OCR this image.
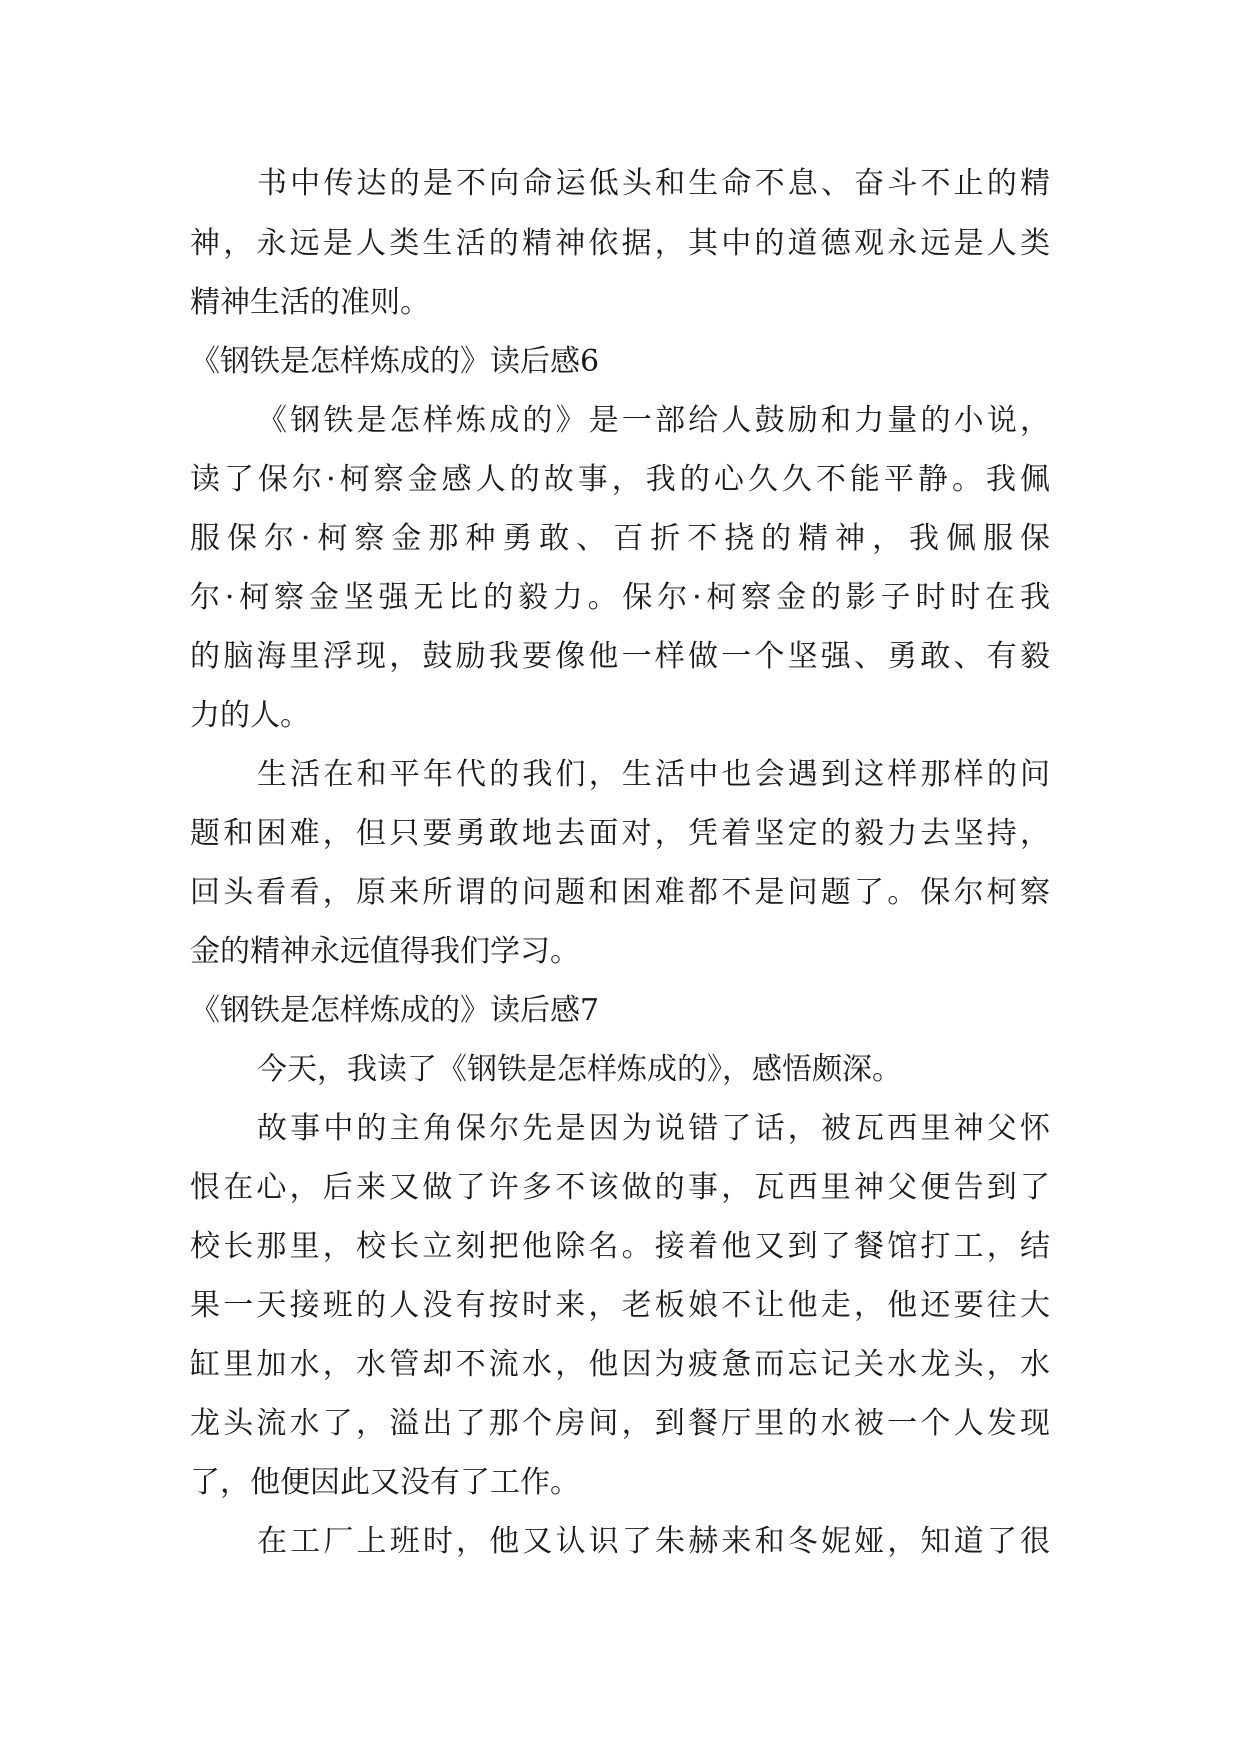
书中传达的是不向命运低头和生命不息、奋斗不止的精
神，永远是人类生活的精神依据，其中的道德观永远是人类
精神生活的准则。
《钢铁是怎样炼成的》读后感6
《钢铁是怎样炼成的》是一部给人鼓励和力量的小说，
读了保尔·柯察金感人的故事，我的心久久不能平静。我佩
服保尔·柯察金那种勇敢、百折不挠的精神，我佩服保
尔·柯察金坚强无比的毅力。保尔·柯察金的影子时时在我
的脑海里浮现，鼓励我要像他一样做一个坚强、勇敢、有毅
力的人。
生活在和平年代的我们，生活中也会遇到这样那样的问
题和困难，但只要勇敢地去面对，凭着坚定的毅力去坚持，
回头看看，原来所谓的问题和困难都不是问题了。保尔柯察
金的精神永远值得我们学习。
《钢铁是怎样炼成的》读后感7
今天，我读了《钢铁是怎样炼成的》，感悟颇深。
故事中的主角保尔先是因为说错了话，被瓦西里神父怀
恨在心，后来又做了许多不该做的事，瓦西里神父便告到了
校长那里，校长立刻把他除名。接着他又到了餐馆打工，结
果一天接班的人没有按时来，老板娘不让他走，他还要往大
缸里加水，水管却不流水，他因为疲惫而忘记关水龙头，水
龙头流水了，溢出了那个房间，到餐厅里的水被一个人发现
了，他便因此又没有了工作。
在工厂上班时，他又认识了朱赫来和冬妮娅，知道了很
